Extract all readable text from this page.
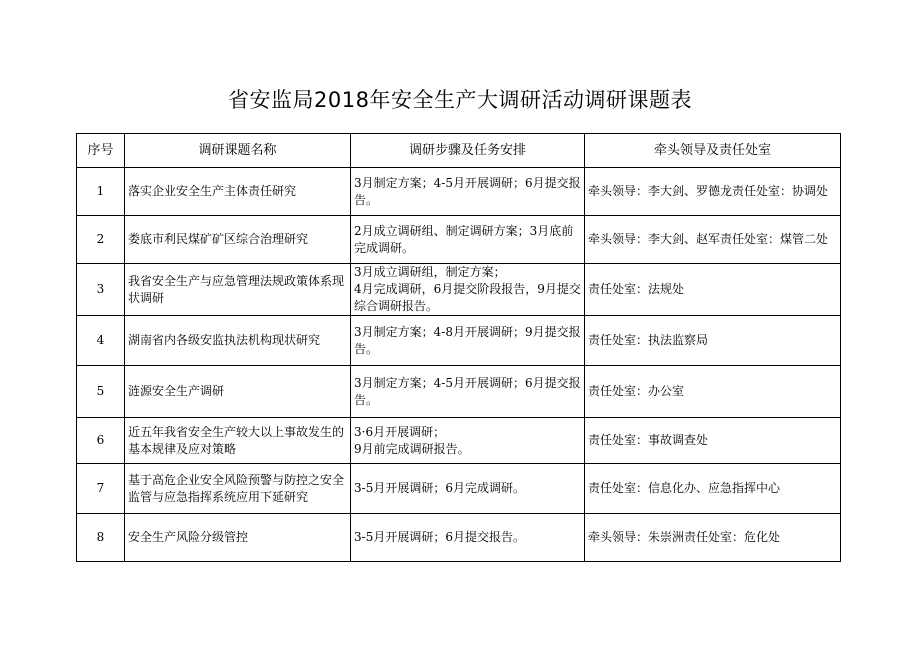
省安监局2018年安全生产大调研活动调研课题表
序号	调研课题名称	调研步骤及任务安排	牵头领导及责任处室
1	落实企业安全生产主体责任研究	3月制定方案；4-5月开展调研；6月提交报告。	牵头领导：李大剑、罗德龙责任处室：协调处
2	娄底市利民煤矿矿区综合治理研究	2月成立调研组、制定调研方案；3月底前完成调研。	牵头领导：李大剑、赵军责任处室：煤管二处
3	我省安全生产与应急管理法规政策体系现状调研	3月成立调研组，制定方案；
4月完成调研，6月提交阶段报告，9月提交综合调研报告。	责任处室：法规处
4	湖南省内各级安监执法机构现状研究	3月制定方案；4-8月开展调研；9月提交报告。	责任处室：执法监察局
5	涟源安全生产调研	3月制定方案；4-5月开展调研；6月提交报告。	责任处室：办公室
6	近五年我省安全生产较大以上事故发生的基本规律及应对策略	3·6月开展调研；
9月前完成调研报告。	责任处室：事故调查处
7	基于高危企业安全风险预警与防控之安全监管与应急指挥系统应用下延研究	3-5月开展调研；6月完成调研。	责任处室：信息化办、应急指挥中心
8	安全生产风险分级管控	3-5月开展调研；6月提交报告。	牵头领导：朱崇洲责任处室：危化处
